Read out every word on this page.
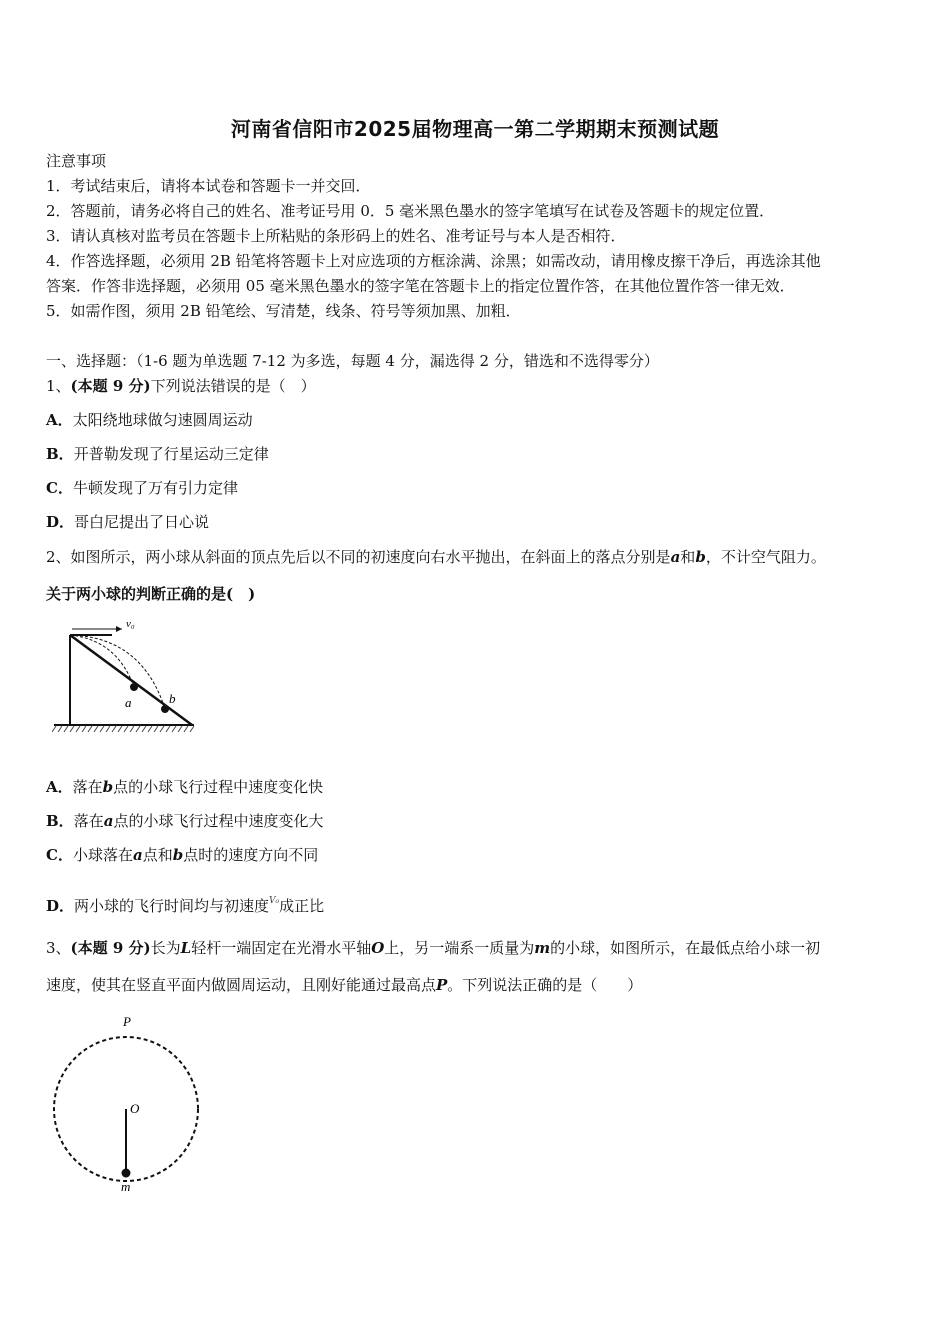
河南省信阳市2025届物理高一第二学期期末预测试题
注意事项
1．考试结束后，请将本试卷和答题卡一并交回．
2．答题前，请务必将自己的姓名、准考证号用 0．5 毫米黑色墨水的签字笔填写在试卷及答题卡的规定位置．
3．请认真核对监考员在答题卡上所粘贴的条形码上的姓名、准考证号与本人是否相符．
4．作答选择题，必须用 2B 铅笔将答题卡上对应选项的方框涂满、涂黑；如需改动，请用橡皮擦干净后，再选涂其他
答案．作答非选择题，必须用 05 毫米黑色墨水的签字笔在答题卡上的指定位置作答，在其他位置作答一律无效．
5．如需作图，须用 2B 铅笔绘、写清楚，线条、符号等须加黑、加粗．
一、选择题：（1-6 题为单选题 7-12 为多选，每题 4 分，漏选得 2 分，错选和不选得零分）
1、(本题 9 分)下列说法错误的是（　）
A．太阳绕地球做匀速圆周运动
B．开普勒发现了行星运动三定律
C．牛顿发现了万有引力定律
D．哥白尼提出了日心说
2、如图所示，两小球从斜面的顶点先后以不同的初速度向右水平抛出，在斜面上的落点分别是a和b，不计空气阻力。
关于两小球的判断正确的是(　)
v₀
a	b
A．落在b点的小球飞行过程中速度变化快
B．落在a点的小球飞行过程中速度变化大
C．小球落在a点和b点时的速度方向不同
D．两小球的飞行时间均与初速度$^{V_0}$成正比
3、(本题 9 分)长为L轻杆一端固定在光滑水平轴O上，另一端系一质量为m的小球，如图所示，在最低点给小球一初
速度，使其在竖直平面内做圆周运动，且刚好能通过最高点P。下列说法正确的是（　　）
P
O
m
